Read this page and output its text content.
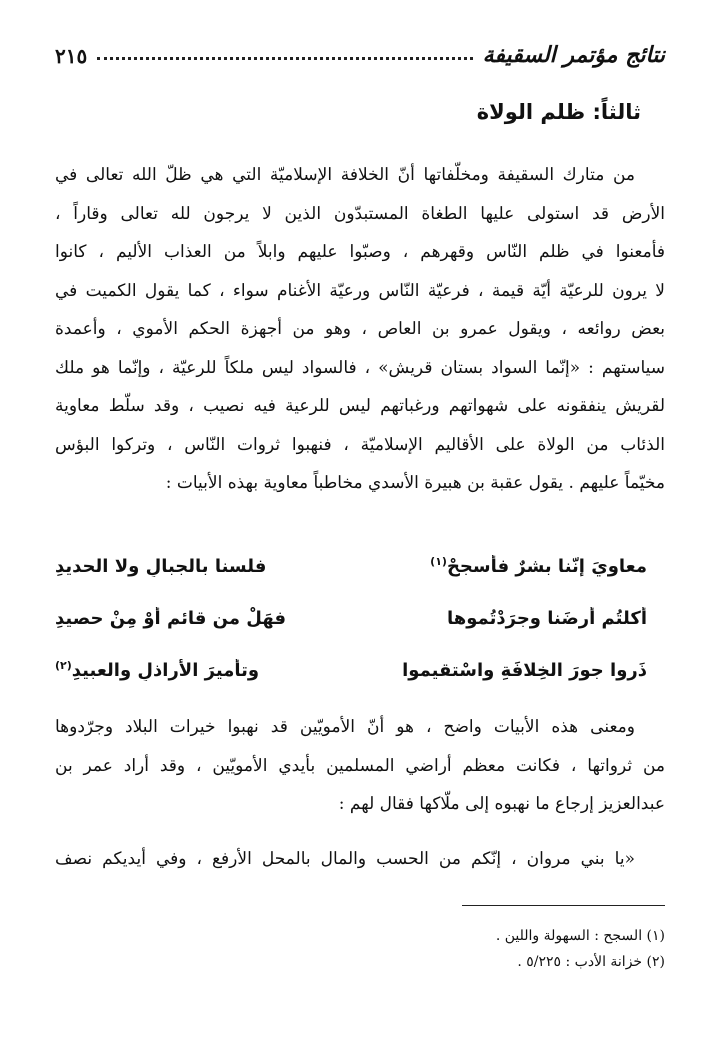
نتائج مؤتمر السقيفة
٢١٥
ثالثاً: ظلم الولاة
من متارك السقيفة ومخلّفاتها أنّ الخلافة الإسلاميّة التي هي ظلّ الله تعالى في
الأرض قد استولى عليها الطغاة المستبدّون الذين لا يرجون لله تعالى وقاراً ،
فأمعنوا في ظلم النّاس وقهرهم ، وصبّوا عليهم وابلاً من العذاب الأليم ، كانوا
لا يرون للرعيّة أيّة قيمة ، فرعيّة النّاس ورعيّة الأغنام سواء ، كما يقول الكميت في
بعض روائعه ، ويقول عمرو بن العاص ، وهو من أجهزة الحكم الأموي ، وأعمدة
سياستهم : «إنّما السواد بستان قريش» ، فالسواد ليس ملكاً للرعيّة ، وإنّما هو ملك
لقريش ينفقونه على شهواتهم ورغباتهم ليس للرعية فيه نصيب ، وقد سلّط معاوية
الذئاب من الولاة على الأقاليم الإسلاميّة ، فنهبوا ثروات النّاس ، وتركوا البؤس
مخيّماً عليهم . يقول عقبة بن هبيرة الأسدي مخاطباً معاوية بهذه الأبيات :
معاويَ إنّنا بشرٌ فأسجحْ$^{(١)}$
فلسنا بالجبالِ ولا الحديدِ
أكلتُم أرضَنا وجرَدْتُموها
فهَلْ من قائمٍ أوْ مِنْ حصيدِ
ذَروا جورَ الخِلافَةِ واسْتقيموا
وتأميرَ الأراذلِ والعبيدِ$^{(٢)}$
ومعنى هذه الأبيات واضح ، هو أنّ الأمويّين قد نهبوا خيرات البلاد وجرّدوها
من ثرواتها ، فكانت معظم أراضي المسلمين بأيدي الأمويّين ، وقد أراد عمر بن
عبدالعزيز إرجاع ما نهبوه إلى ملّاكها فقال لهم :
«يا بني مروان ، إنّكم من الحسب والمال بالمحل الأرفع ، وفي أيديكم نصف
(١) السجح : السهولة واللين .
(٢) خزانة الأدب : ٥/٢٢٥ .
